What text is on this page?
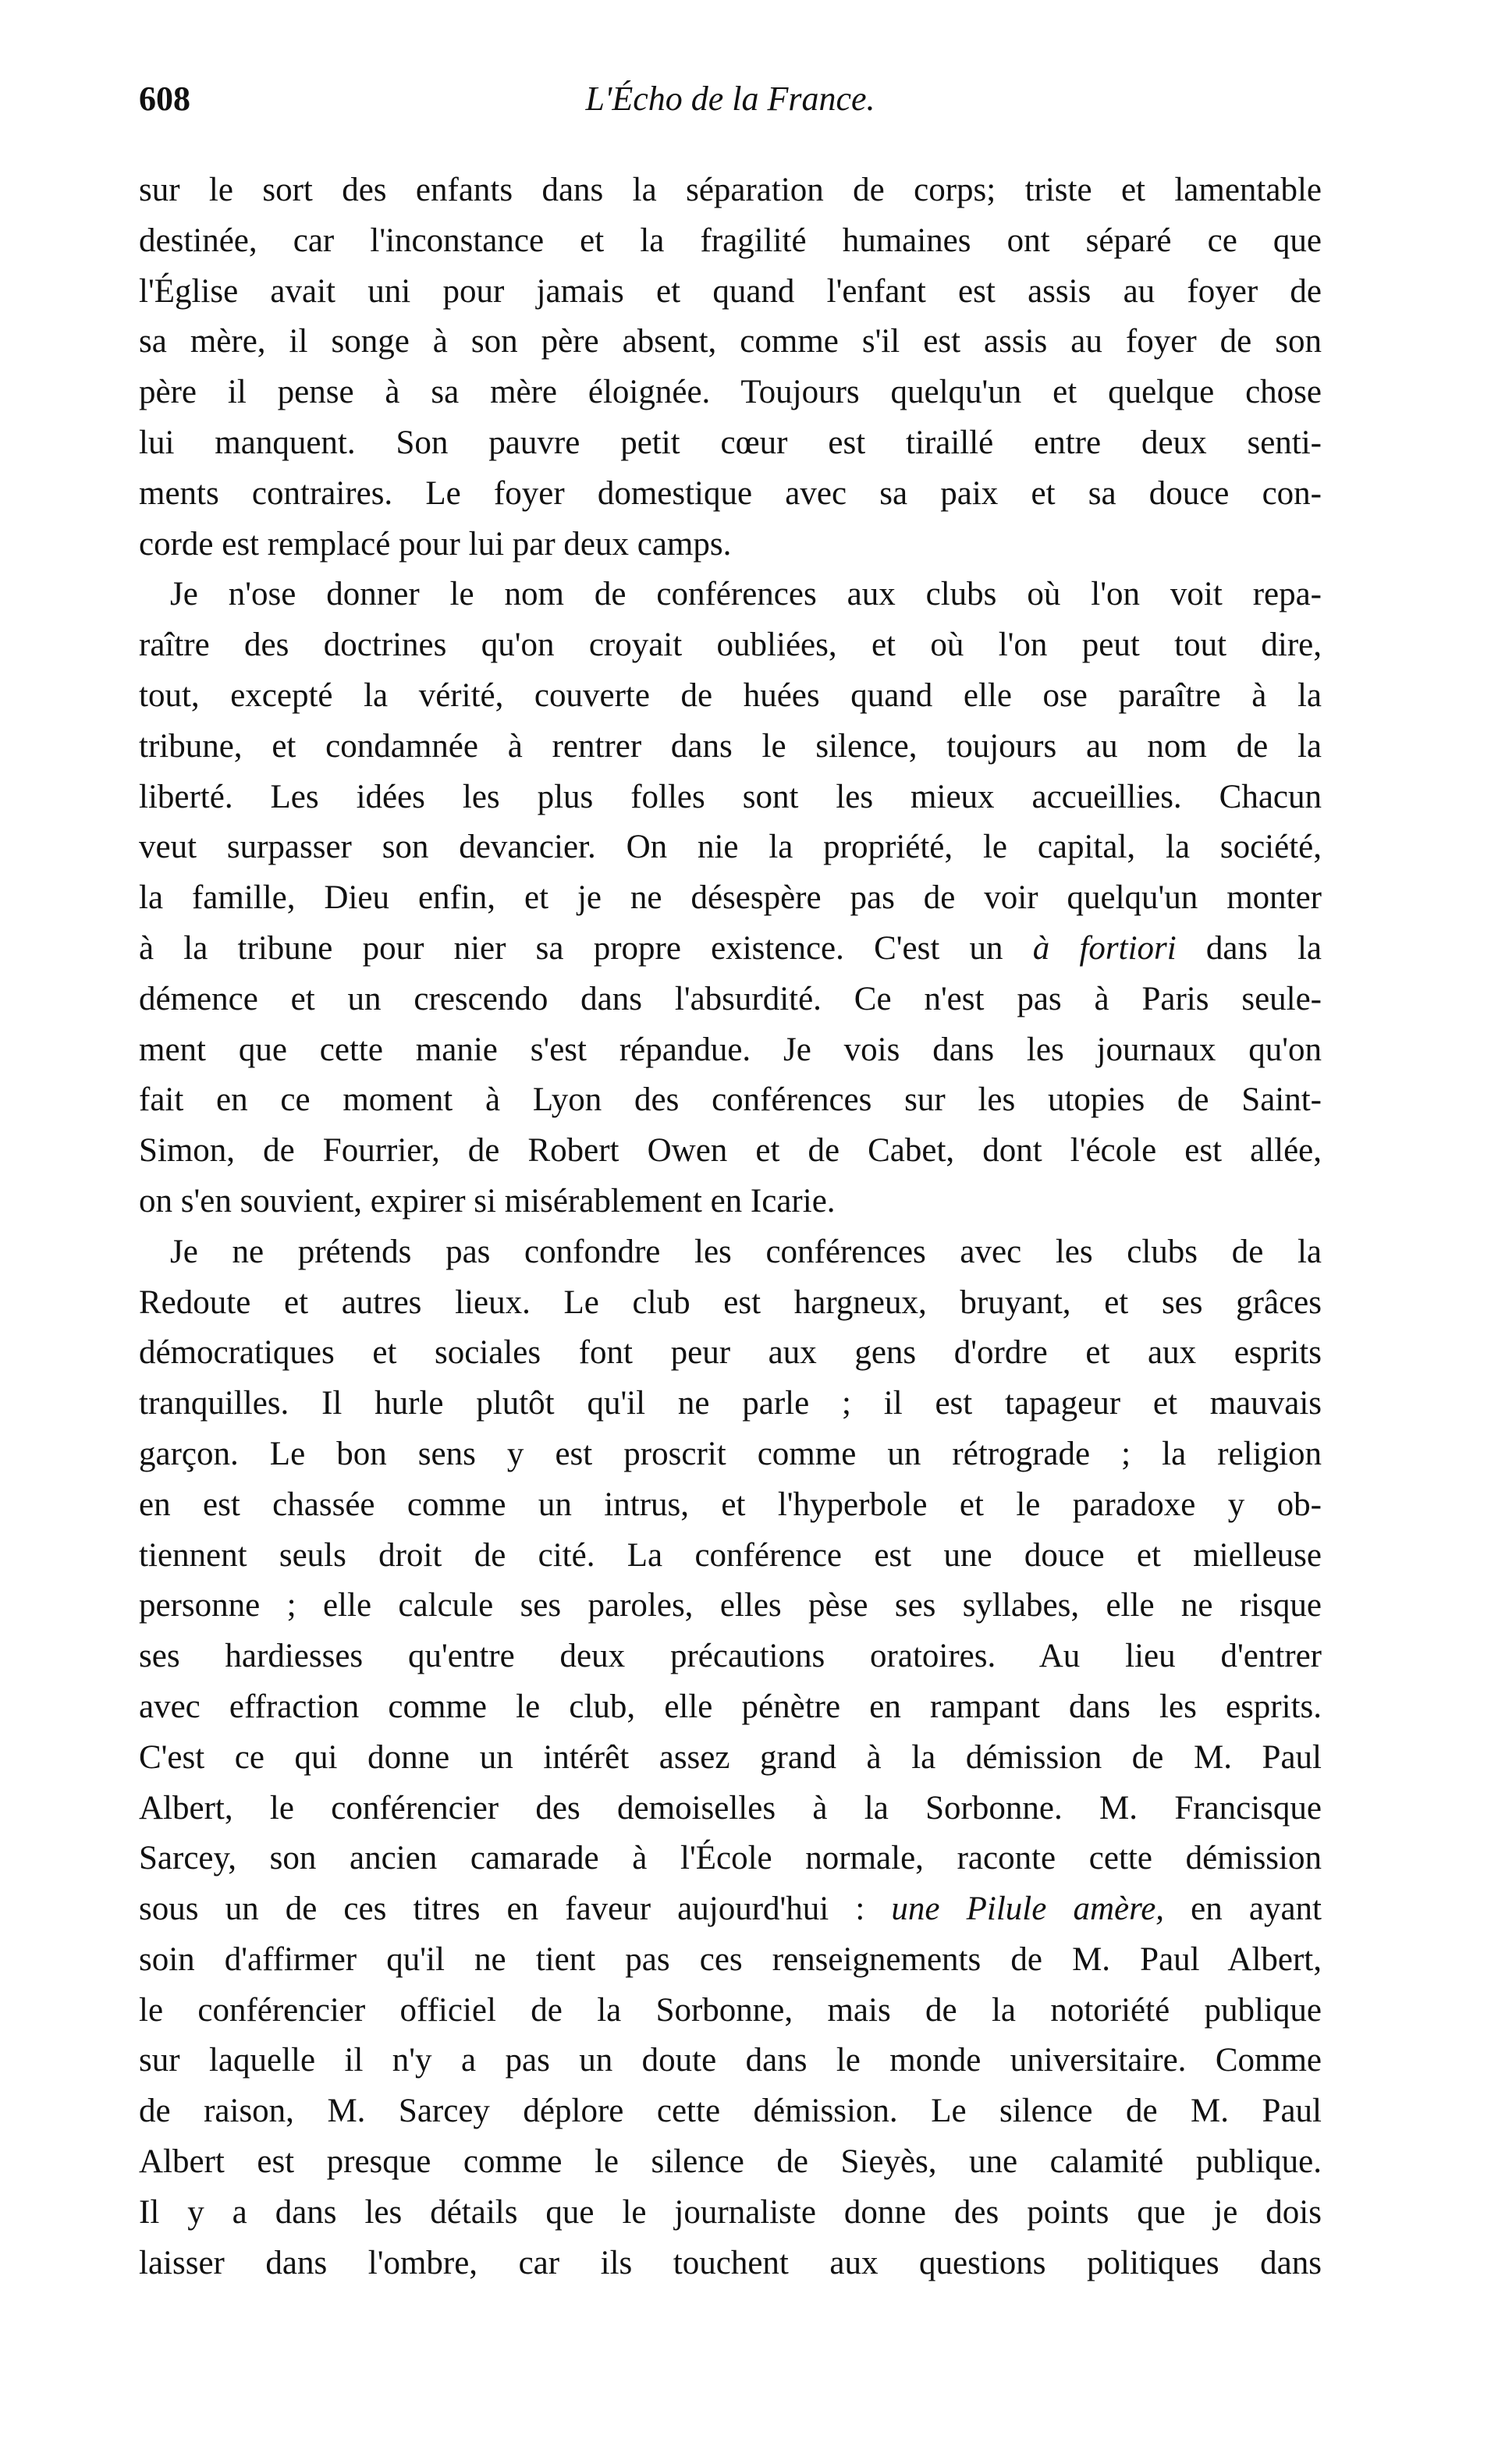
608	L'Écho de la France.
sur le sort des enfants dans la séparation de corps; triste et lamentable
destinée, car l'inconstance et la fragilité humaines ont séparé ce que
l'Église avait uni pour jamais et quand l'enfant est assis au foyer de
sa mère, il songe à son père absent, comme s'il est assis au foyer de son
père il pense à sa mère éloignée. Toujours quelqu'un et quelque chose
lui manquent. Son pauvre petit cœur est tiraillé entre deux senti-
ments contraires. Le foyer domestique avec sa paix et sa douce con-
corde est remplacé pour lui par deux camps.
Je n'ose donner le nom de conférences aux clubs où l'on voit repa-
raître des doctrines qu'on croyait oubliées, et où l'on peut tout dire,
tout, excepté la vérité, couverte de huées quand elle ose paraître à la
tribune, et condamnée à rentrer dans le silence, toujours au nom de la
liberté. Les idées les plus folles sont les mieux accueillies. Chacun
veut surpasser son devancier. On nie la propriété, le capital, la société,
la famille, Dieu enfin, et je ne désespère pas de voir quelqu'un monter
à la tribune pour nier sa propre existence. C'est un à fortiori dans la
démence et un crescendo dans l'absurdité. Ce n'est pas à Paris seule-
ment que cette manie s'est répandue. Je vois dans les journaux qu'on
fait en ce moment à Lyon des conférences sur les utopies de Saint-
Simon, de Fourrier, de Robert Owen et de Cabet, dont l'école est allée,
on s'en souvient, expirer si misérablement en Icarie.
Je ne prétends pas confondre les conférences avec les clubs de la
Redoute et autres lieux. Le club est hargneux, bruyant, et ses grâces
démocratiques et sociales font peur aux gens d'ordre et aux esprits
tranquilles. Il hurle plutôt qu'il ne parle ; il est tapageur et mauvais
garçon. Le bon sens y est proscrit comme un rétrograde ; la religion
en est chassée comme un intrus, et l'hyperbole et le paradoxe y ob-
tiennent seuls droit de cité. La conférence est une douce et mielleuse
personne ; elle calcule ses paroles, elles pèse ses syllabes, elle ne risque
ses hardiesses qu'entre deux précautions oratoires. Au lieu d'entrer
avec effraction comme le club, elle pénètre en rampant dans les esprits.
C'est ce qui donne un intérêt assez grand à la démission de M. Paul
Albert, le conférencier des demoiselles à la Sorbonne. M. Francisque
Sarcey, son ancien camarade à l'École normale, raconte cette démission
sous un de ces titres en faveur aujourd'hui : une Pilule amère, en ayant
soin d'affirmer qu'il ne tient pas ces renseignements de M. Paul Albert,
le conférencier officiel de la Sorbonne, mais de la notoriété publique
sur laquelle il n'y a pas un doute dans le monde universitaire. Comme
de raison, M. Sarcey déplore cette démission. Le silence de M. Paul
Albert est presque comme le silence de Sieyès, une calamité publique.
Il y a dans les détails que le journaliste donne des points que je dois
laisser dans l'ombre, car ils touchent aux questions politiques dans
